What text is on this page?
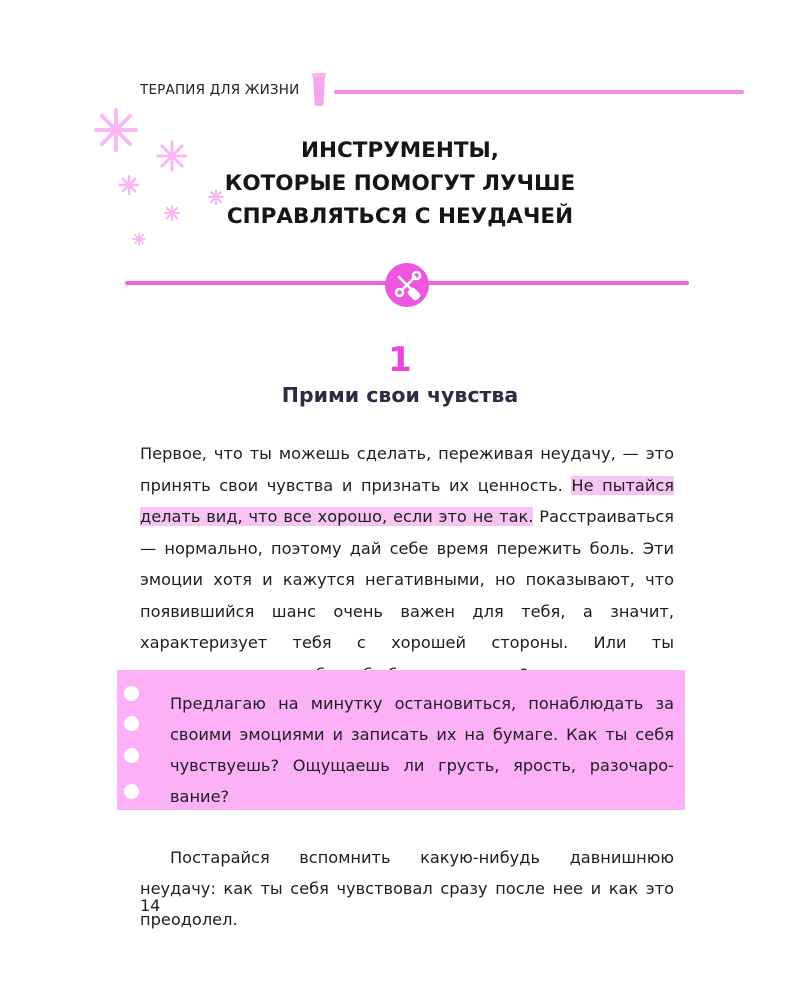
ТЕРАПИЯ ДЛЯ ЖИЗНИ
ИНСТРУМЕНТЫ,
КОТОРЫЕ ПОМОГУТ ЛУЧШЕ
СПРАВЛЯТЬСЯ С НЕУДАЧЕЙ
1
Прими свои чувства
Первое, что ты можешь сделать, переживая неудачу, — это принять свои чувства и признать их ценность. Не пытайся делать вид, что все хорошо, если это не так. Расстраиваться — нормально, поэтому дай себе время пережить боль. Эти эмоции хотя и кажутся негативными, но показывают, что появившийся шанс очень важен для тебя, а значит, характеризует тебя с хорошей стороны. Или ты
Предлагаю на минутку остановиться, понаблюдать за своими эмоциями и записать их на бумаге. Как ты себя чувствуешь? Ощущаешь ли грусть, ярость, разочарование?
Постарайся вспомнить какую-нибудь давнишнюю неудачу: как ты себя чувствовал сразу после нее и как это преодолел.
14
